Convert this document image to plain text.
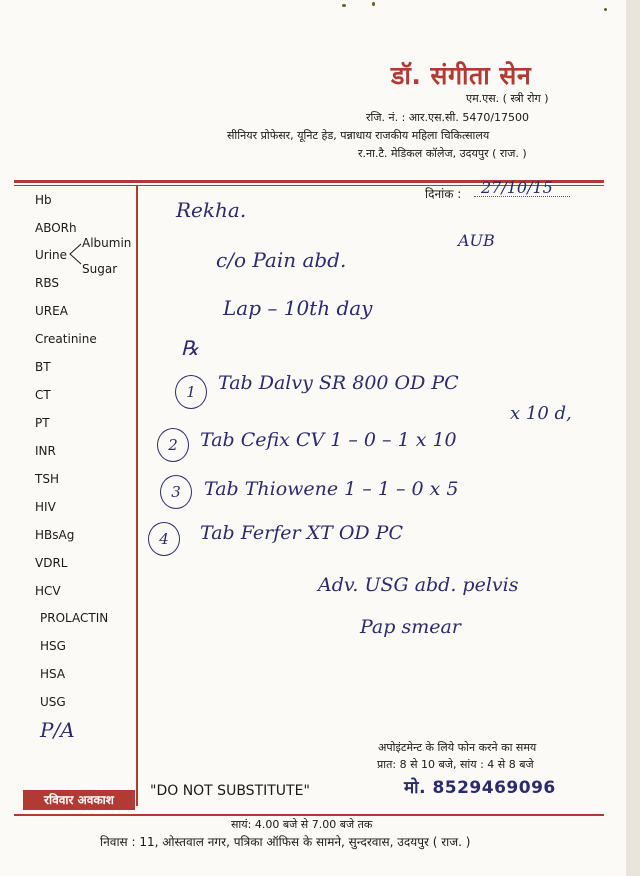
डॉ. संगीता सेन
एम.एस. ( स्त्री रोग )
रजि. नं. : आर.एस.सी. 5470/17500
सीनियर प्रोफेसर, यूनिट हेड, पन्नाधाय राजकीय महिला चिकित्सालय
र.ना.टै. मेडिकल कॉलेज, उदयपुर ( राज. )
दिनांक : 27/10/15
Hb
ABORh
Urine
Albumin
Sugar
RBS
UREA
Creatinine
BT
CT
PT
INR
TSH
HIV
HBsAg
VDRL
HCV
PROLACTIN
HSG
HSA
USG
Rekha.
AUB
c/o Pain abd.
Lap – 10th day
℞
1	Tab Dalvy SR 800 OD PC
x 10 d,
2	Tab Cefix CV 1 – 0 – 1 x 10
3	Tab Thiowene 1 – 1 – 0 x 5
4	Tab Ferfer XT OD PC
Adv. USG abd. pelvis
Pap smear
P/A
अपोइंटमेन्ट के लिये फोन करने का समय
प्रात: 8 से 10 बजे, सांय : 4 से 8 बजे
मो. 8529469096
रविवार अवकाश
"DO NOT SUBSTITUTE"
सायं: 4.00 बजे से 7.00 बजे तक
निवास : 11, ओस्तवाल नगर, पत्रिका ऑफिस के सामने, सुन्दरवास, उदयपुर ( राज. )
